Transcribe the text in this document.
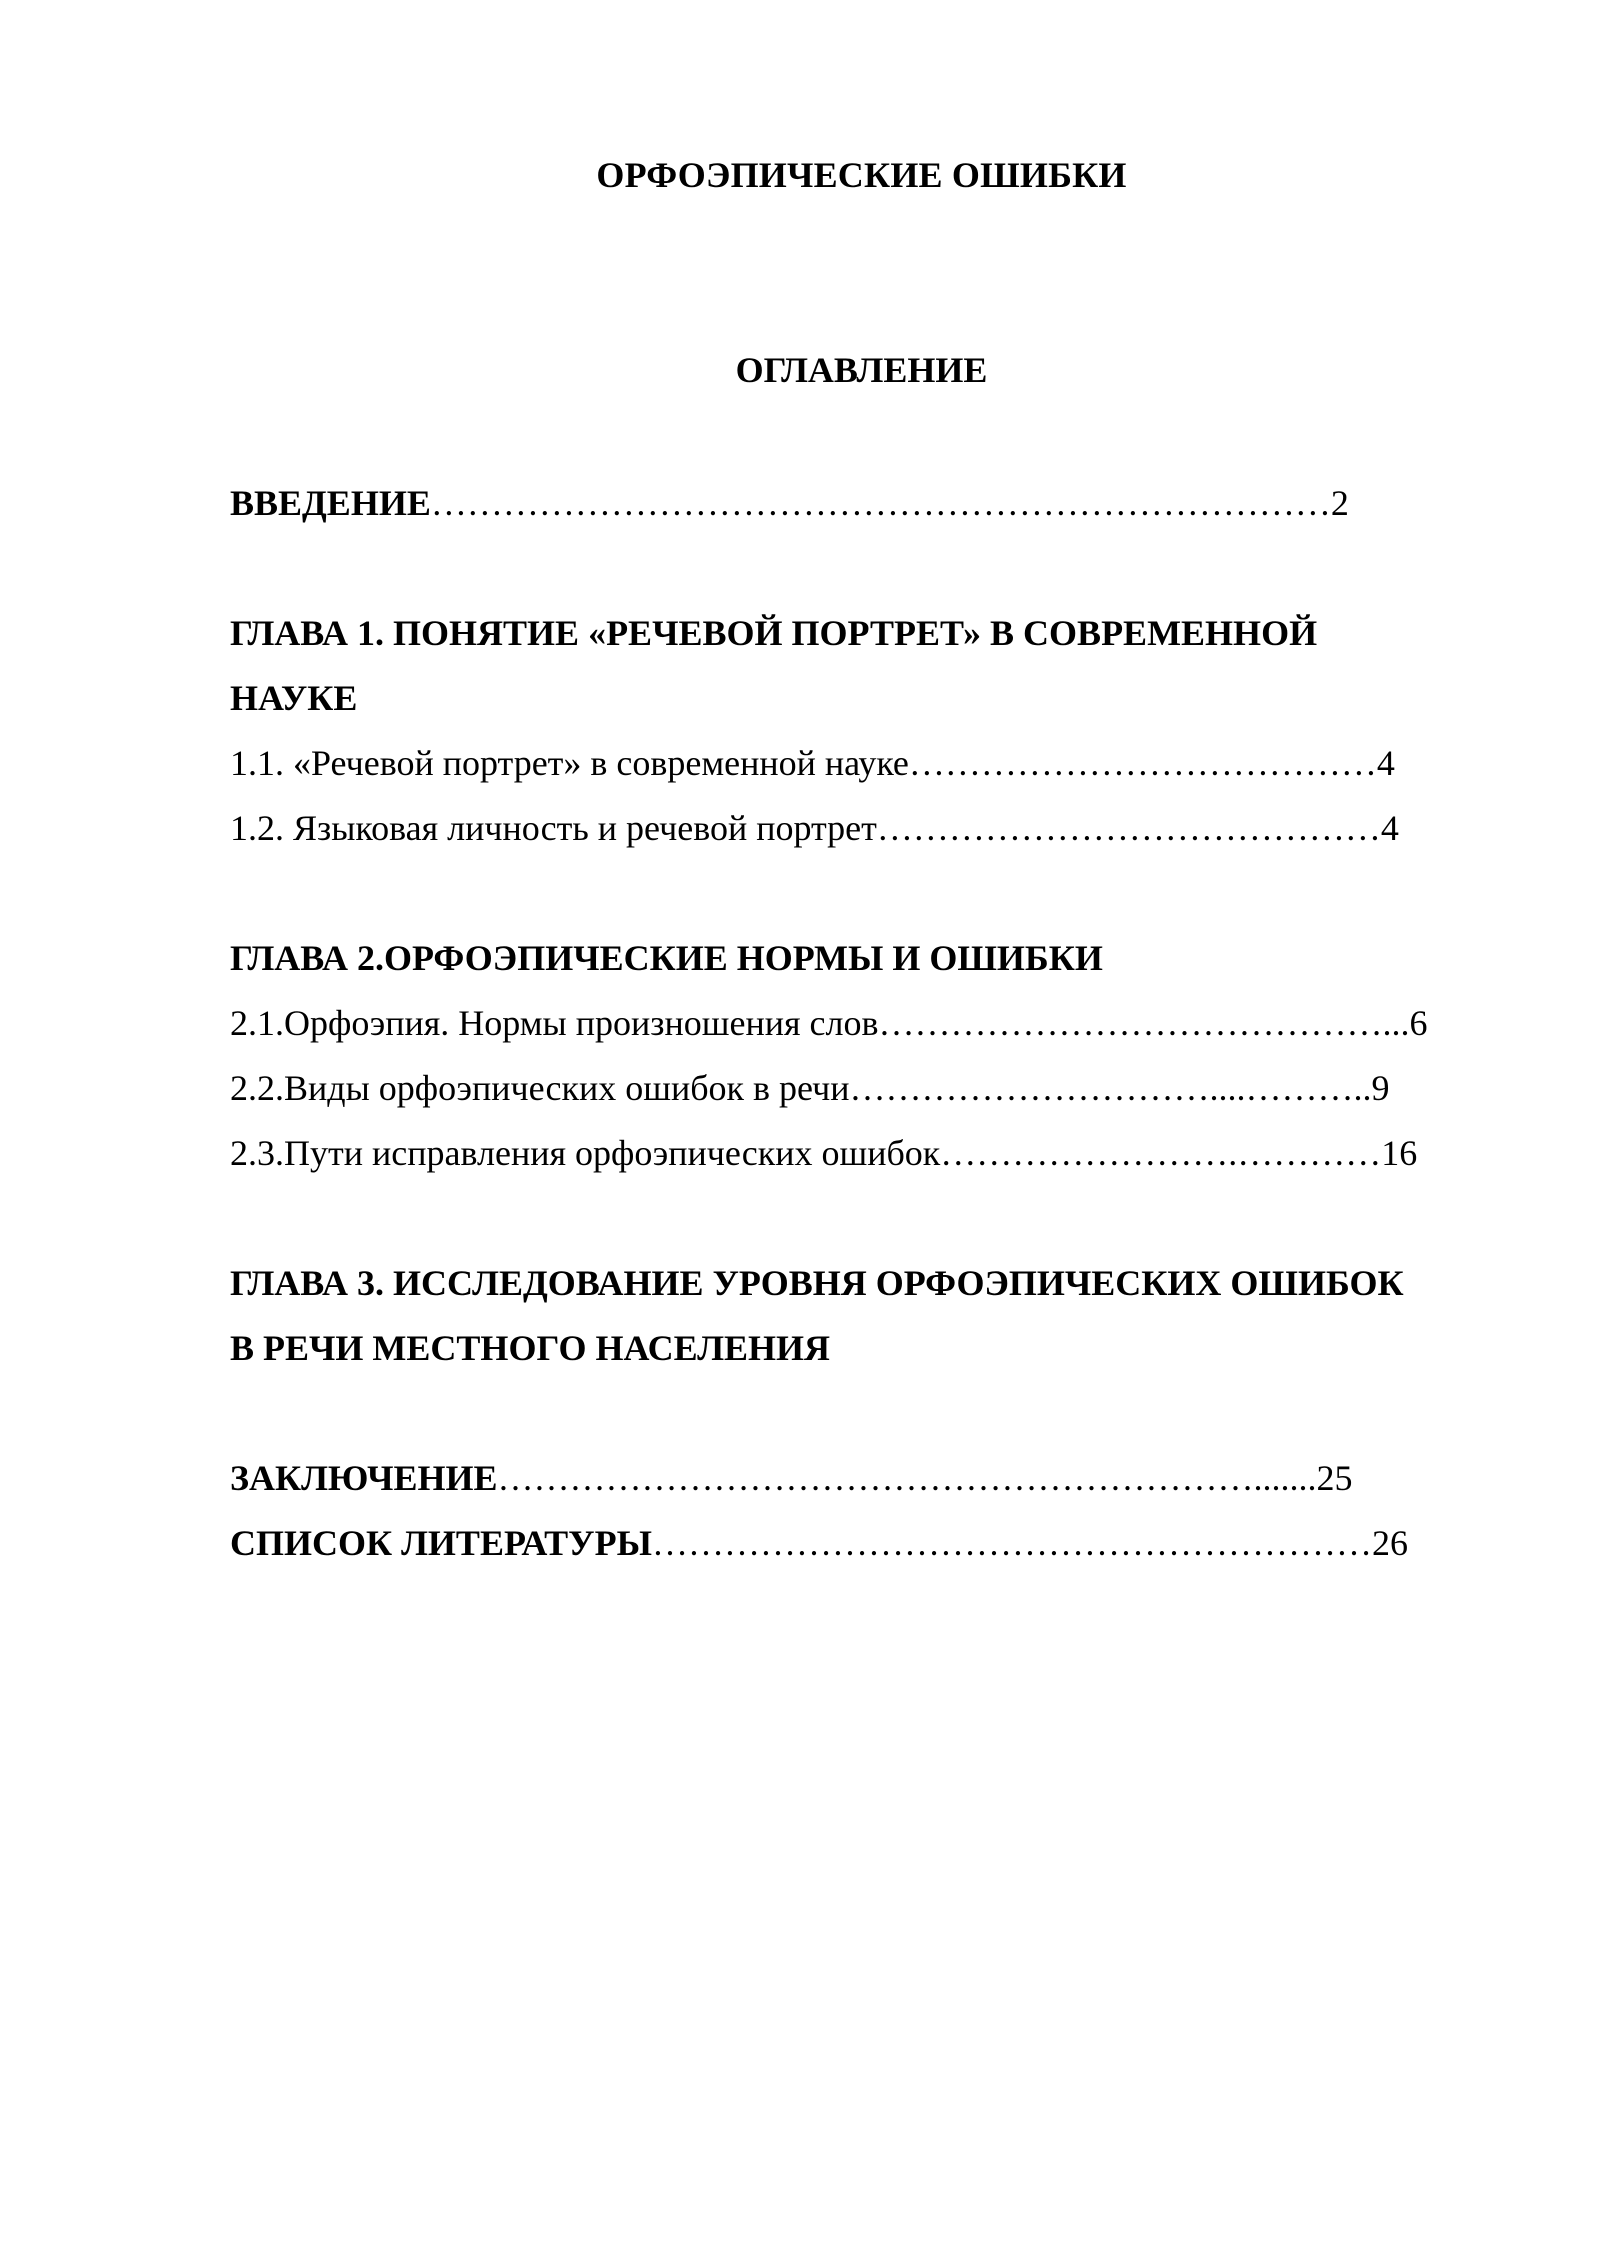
ОРФОЭПИЧЕСКИЕ ОШИБКИ
ОГЛАВЛЕНИЕ
ВВЕДЕНИЕ…………………………………………………………………2
ГЛАВА 1. ПОНЯТИЕ «РЕЧЕВОЙ ПОРТРЕТ» В СОВРЕМЕННОЙ
НАУКЕ
1.1. «Речевой портрет» в современной науке…………………………………4
1.2. Языковая личность и речевой портрет……………………………………4
ГЛАВА 2.ОРФОЭПИЧЕСКИЕ НОРМЫ И ОШИБКИ
2.1.Орфоэпия. Нормы произношения слов……………………………………...6
2.2.Виды орфоэпических ошибок в речи…………………………....………..9
2.3.Пути исправления орфоэпических ошибок…………………….…………16
ГЛАВА 3. ИССЛЕДОВАНИЕ УРОВНЯ ОРФОЭПИЧЕСКИХ ОШИБОК
В РЕЧИ МЕСТНОГО НАСЕЛЕНИЯ
ЗАКЛЮЧЕНИЕ……………………………………………………….......25
СПИСОК ЛИТЕРАТУРЫ……………………………………………………26
